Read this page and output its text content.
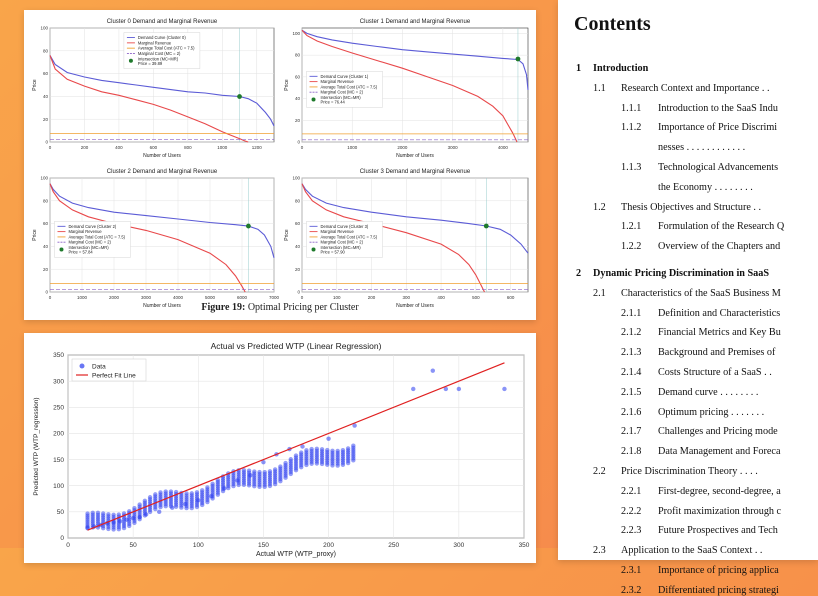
Cluster 0 Demand and Marginal Revenue
0	200	400	600	800	1000	1200
0
20
40
60
80
100
Number of Users
Price
Demand Curve (Cluster 0)
Marginal Revenue
Average Total Cost (ATC = 7.5)
Marginal Cost (MC = 2)
Intersection (MC=MR)
Price = 39.89
Cluster 1 Demand and Marginal Revenue
0	1000	2000	3000	4000
0
20
40
60
80
100
Number of Users
Price
Demand Curve (Cluster 1)
Marginal Revenue
Average Total Cost (ATC = 7.5)
Marginal Cost (MC = 2)
Intersection (MC=MR)
Price = 76.44
Cluster 2 Demand and Marginal Revenue
0	1000	2000	3000	4000	5000	6000	7000
0
20
40
60
80
100
Number of Users
Price
Demand Curve (Cluster 2)
Marginal Revenue
Average Total Cost (ATC = 7.5)
Marginal Cost (MC = 2)
Intersection (MC=MR)
Price = 57.84
Cluster 3 Demand and Marginal Revenue
0	100	200	300	400	500	600
0
20
40
60
80
100
Number of Users
Price
Demand Curve (Cluster 3)
Marginal Revenue
Average Total Cost (ATC = 7.5)
Marginal Cost (MC = 2)
Intersection (MC=MR)
Price = 57.90
Figure 19: Optimal Pricing per Cluster
Actual vs Predicted WTP (Linear Regression)
0	50	100	150	200	250	300	350
0
50
100
150
200
250
300
350
Actual WTP (WTP_proxy)
Predicted WTP (WTP_regression)
Data
Perfect Fit Line
Contents
1 Introduction
1.1 Research Context and Importance . .
1.1.1 Introduction to the SaaS Indu
1.1.2 Importance of Price Discrimi
nesses . . . . . . . . . . . .
1.1.3 Technological Advancements
the Economy . . . . . . . .
1.2 Thesis Objectives and Structure . .
1.2.1 Formulation of the Research Q
1.2.2 Overview of the Chapters and
2 Dynamic Pricing Discrimination in SaaS
2.1 Characteristics of the SaaS Business M
2.1.1 Definition and Characteristics
2.1.2 Financial Metrics and Key Bu
2.1.3 Background and Premises of
2.1.4 Costs Structure of a SaaS . .
2.1.5 Demand curve . . . . . . . .
2.1.6 Optimum pricing . . . . . . .
2.1.7 Challenges and Pricing mode
2.1.8 Data Management and Foreca
2.2 Price Discrimination Theory . . . .
2.2.1 First-degree, second-degree, a
2.2.2 Profit maximization through c
2.2.3 Future Prospectives and Tech
2.3 Application to the SaaS Context . .
2.3.1 Importance of pricing applica
2.3.2 Differentiated pricing strategi
